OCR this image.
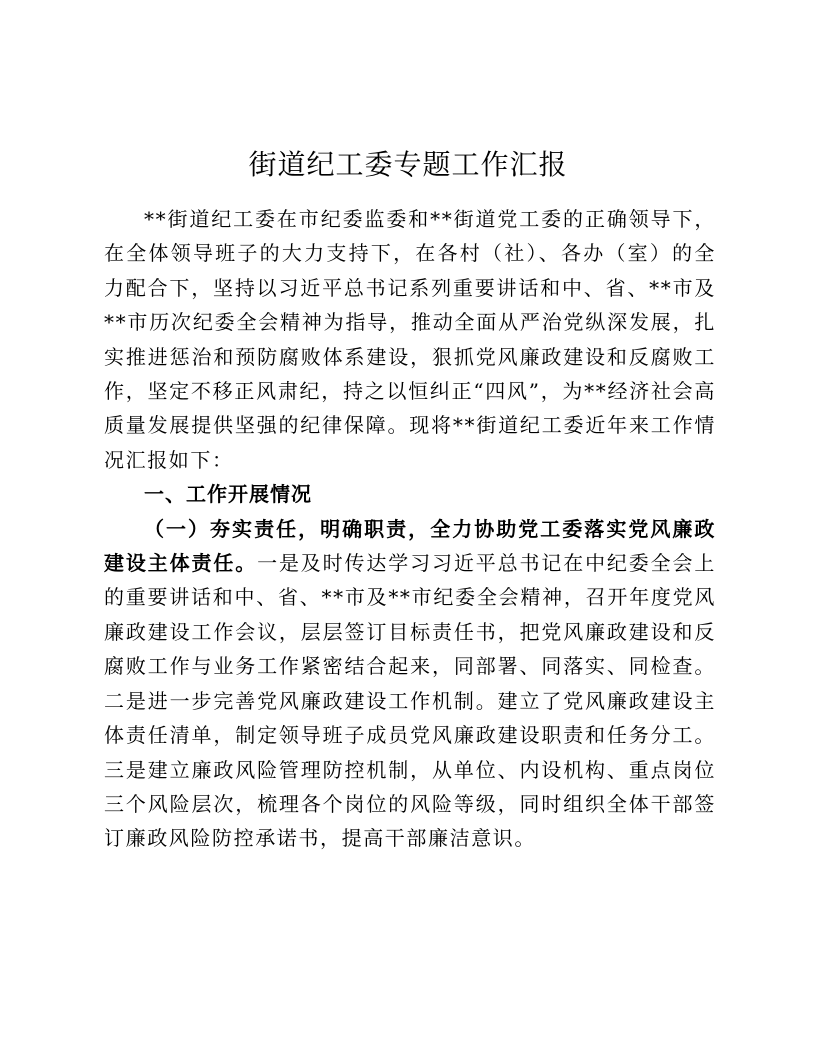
街道纪工委专题工作汇报

**街道纪工委在市纪委监委和**街道党工委的正确领导下，在全体领导班子的大力支持下，在各村（社）、各办（室）的全力配合下，坚持以习近平总书记系列重要讲话和中、省、**市及**市历次纪委全会精神为指导，推动全面从严治党纵深发展，扎实推进惩治和预防腐败体系建设，狠抓党风廉政建设和反腐败工作，坚定不移正风肃纪，持之以恒纠正“四风”，为**经济社会高质量发展提供坚强的纪律保障。现将**街道纪工委近年来工作情况汇报如下：

一、工作开展情况

（一）夯实责任，明确职责，全力协助党工委落实党风廉政建设主体责任。一是及时传达学习习近平总书记在中纪委全会上的重要讲话和中、省、**市及**市纪委全会精神，召开年度党风廉政建设工作会议，层层签订目标责任书，把党风廉政建设和反腐败工作与业务工作紧密结合起来，同部署、同落实、同检查。二是进一步完善党风廉政建设工作机制。建立了党风廉政建设主体责任清单，制定领导班子成员党风廉政建设职责和任务分工。三是建立廉政风险管理防控机制，从单位、内设机构、重点岗位三个风险层次，梳理各个岗位的风险等级，同时组织全体干部签订廉政风险防控承诺书，提高干部廉洁意识。
